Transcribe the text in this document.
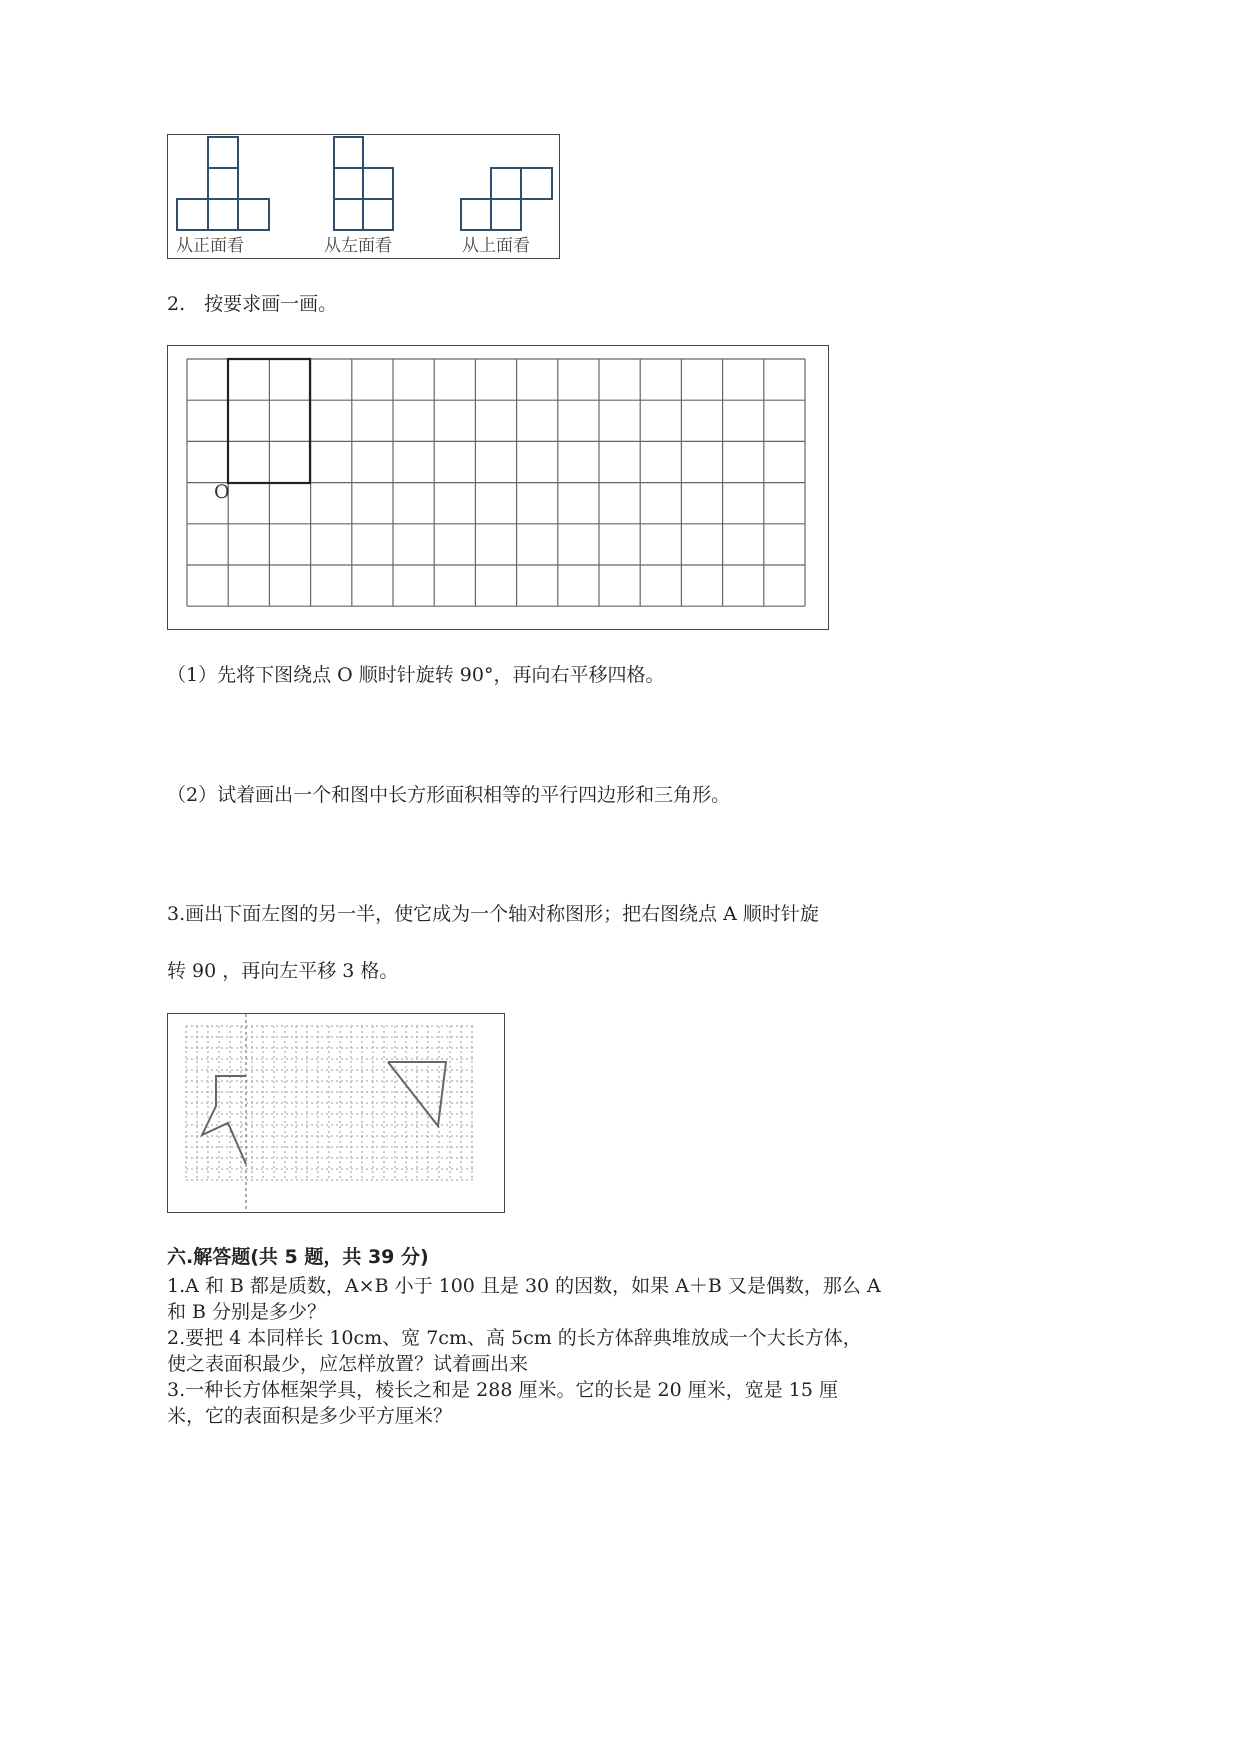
从正面看	从左面看	从上面看
2.　按要求画一画。
O
（1）先将下图绕点 O 顺时针旋转 90°，再向右平移四格。
（2）试着画出一个和图中长方形面积相等的平行四边形和三角形。
3.画出下面左图的另一半，使它成为一个轴对称图形；把右图绕点 A 顺时针旋
转 90 ，再向左平移 3 格。
六.解答题(共 5 题，共 39 分)
1.A 和 B 都是质数，A×B 小于 100 且是 30 的因数，如果 A＋B 又是偶数，那么 A
和 B 分别是多少？
2.要把 4 本同样长 10cm、宽 7cm、高 5cm 的长方体辞典堆放成一个大长方体，
使之表面积最少，应怎样放置？试着画出来
3.一种长方体框架学具，棱长之和是 288 厘米。它的长是 20 厘米，宽是 15 厘
米，它的表面积是多少平方厘米？
